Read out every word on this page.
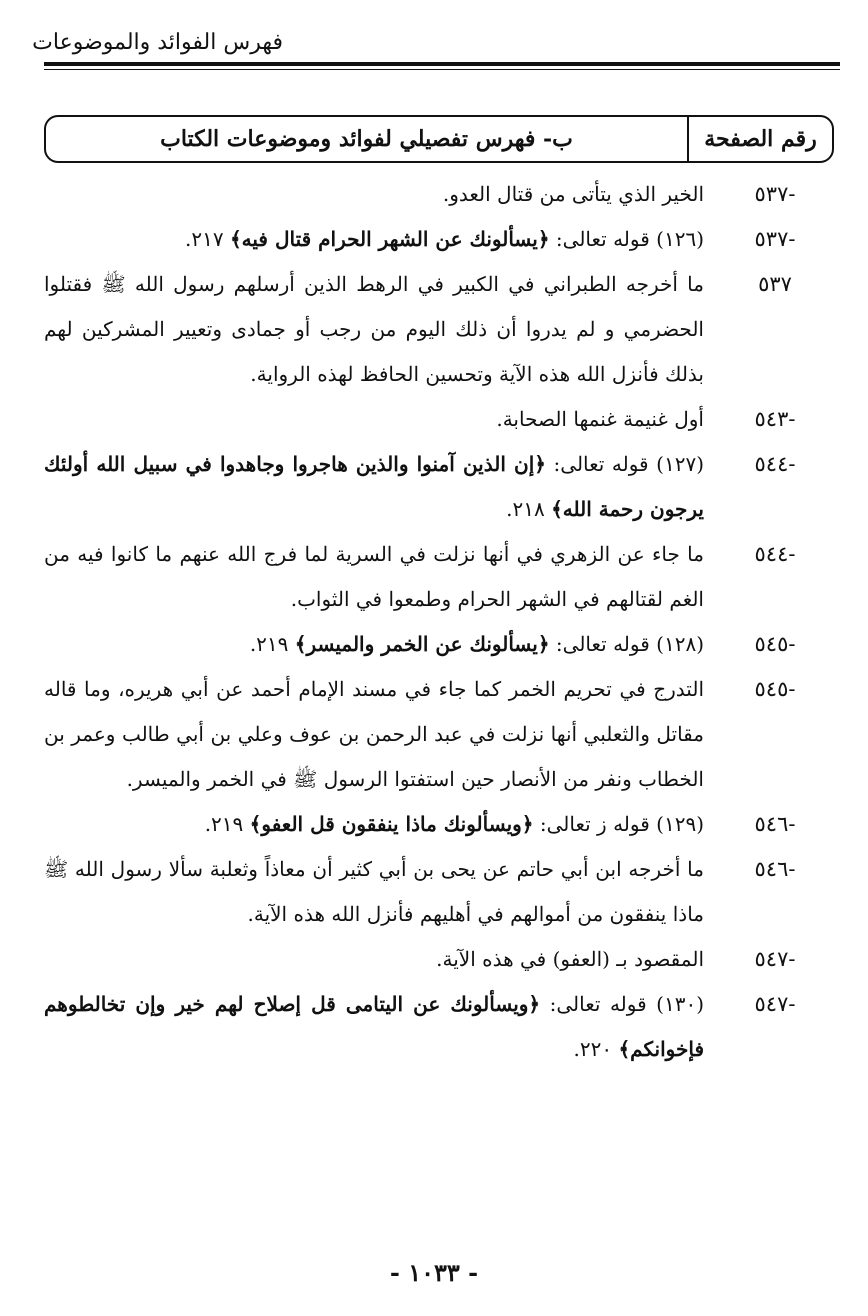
فهرس الفوائد والموضوعات
رقم الصفحة
ب- فهرس تفصيلي لفوائد وموضوعات الكتاب
-٥٣٧
الخير الذي يتأتى من قتال العدو.
-٥٣٧
(١٢٦) قوله تعالى: ﴿يسألونك عن الشهر الحرام قتال فيه﴾ ٢١٧.
٥٣٧
ما أخرجه الطبراني في الكبير في الرهط الذين أرسلهم رسول الله ﷺ فقتلوا الحضرمي و لم يدروا أن ذلك اليوم من رجب أو جمادى وتعيير المشركين لهم بذلك فأنزل الله هذه الآية وتحسين الحافظ لهذه الرواية.
-٥٤٣
أول غنيمة غنمها الصحابة.
-٥٤٤
(١٢٧) قوله تعالى: ﴿إن الذين آمنوا والذين هاجروا وجاهدوا في سبيل الله أولئك يرجون رحمة الله﴾ ٢١٨.
-٥٤٤
ما جاء عن الزهري في أنها نزلت في السرية لما فرج الله عنهم ما كانوا فيه من الغم لقتالهم في الشهر الحرام وطمعوا في الثواب.
-٥٤٥
(١٢٨) قوله تعالى: ﴿يسألونك عن الخمر والميسر﴾ ٢١٩.
-٥٤٥
التدرج في تحريم الخمر كما جاء في مسند الإمام أحمد عن أبي هريره، وما قاله مقاتل والثعلبي أنها نزلت في عبد الرحمن بن عوف وعلي بن أبي طالب وعمر بن الخطاب ونفر من الأنصار حين استفتوا الرسول ﷺ في الخمر والميسر.
-٥٤٦
(١٢٩) قوله ز تعالى: ﴿ويسألونك ماذا ينفقون قل العفو﴾ ٢١٩.
-٥٤٦
ما أخرجه ابن أبي حاتم عن يحى بن أبي كثير أن معاذاً وثعلبة سألا رسول الله ﷺ ماذا ينفقون من أموالهم في أهليهم فأنزل الله هذه الآية.
-٥٤٧
المقصود بـ (العفو) في هذه الآية.
-٥٤٧
(١٣٠) قوله تعالى: ﴿ويسألونك عن اليتامى قل إصلاح لهم خير وإن تخالطوهم فإخوانكم﴾ ٢٢٠.
- ١٠٣٣ -
